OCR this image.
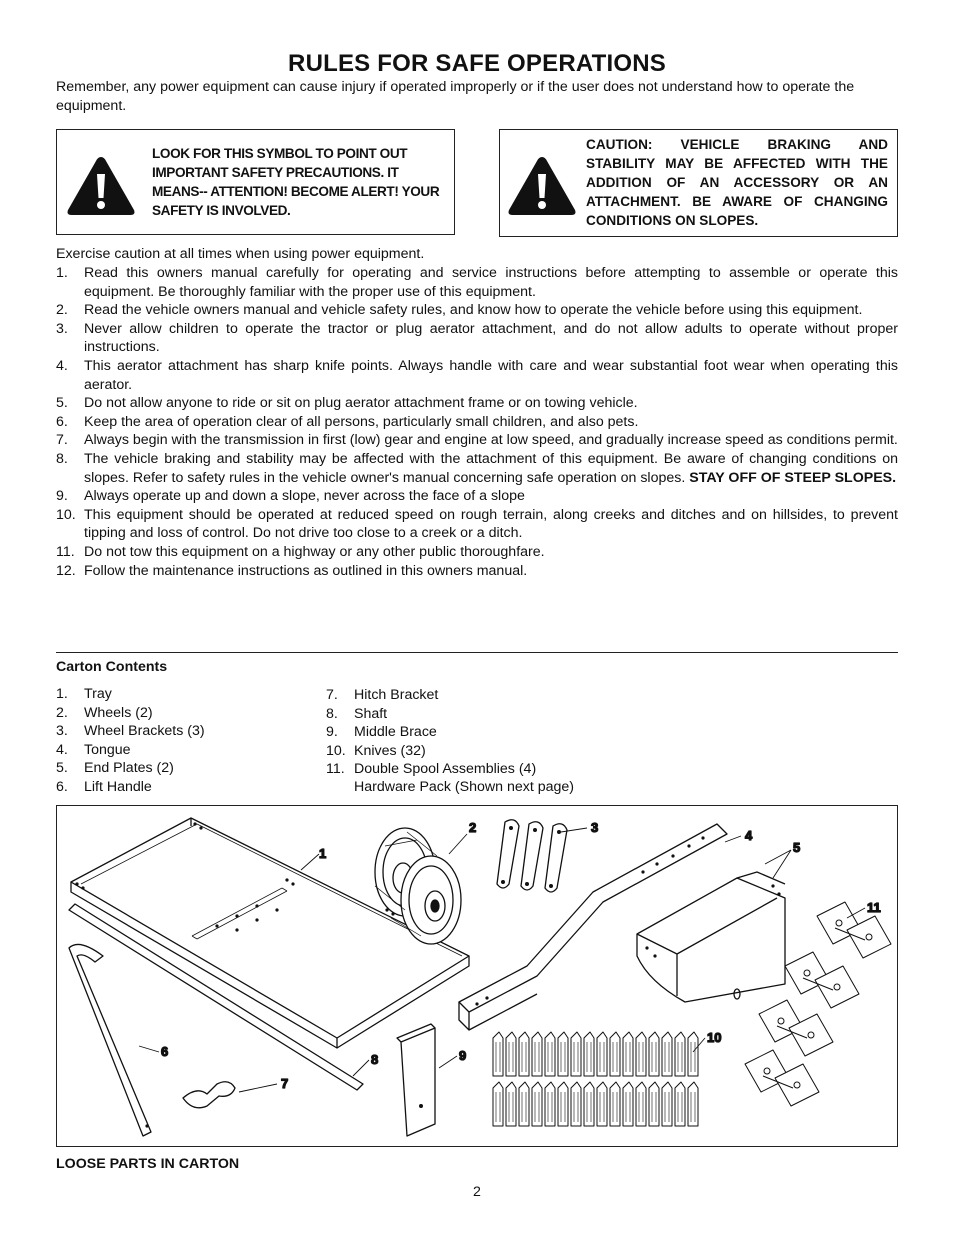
RULES FOR SAFE OPERATIONS
Remember, any power equipment can cause injury if operated improperly or if the user does not understand how to operate the equipment.
LOOK FOR THIS SYMBOL TO POINT OUT IMPORTANT SAFETY PRECAUTIONS. IT MEANS-- ATTENTION! BECOME ALERT! YOUR SAFETY IS INVOLVED.
CAUTION: VEHICLE BRAKING AND STABILITY MAY BE AFFECTED WITH THE ADDITION OF AN ACCESSORY OR AN ATTACHMENT. BE AWARE OF CHANGING CONDITIONS ON SLOPES.
Exercise caution at all times when using power equipment.
1. Read this owners manual carefully for operating and service instructions before attempting to assemble or operate this equipment. Be thoroughly familiar with the proper use of this equipment.
2. Read the vehicle owners manual and vehicle safety rules, and know how to operate the vehicle before using this equipment.
3. Never allow children to operate the tractor or plug aerator attachment, and do not allow adults to operate without proper instructions.
4. This aerator attachment has sharp knife points. Always handle with care and wear substantial foot wear when operating this aerator.
5. Do not allow anyone to ride or sit on plug aerator attachment frame or on towing vehicle.
6. Keep the area of operation clear of all persons, particularly small children, and also pets.
7. Always begin with the transmission in first (low) gear and engine at low speed, and gradually increase speed as conditions permit.
8. The vehicle braking and stability may be affected with the attachment of this equipment. Be aware of changing conditions on slopes. Refer to safety rules in the vehicle owner's manual concerning safe operation on slopes. STAY OFF OF STEEP SLOPES.
9. Always operate up and down a slope, never across the face of a slope
10. This equipment should be operated at reduced speed on rough terrain, along creeks and ditches and on hillsides, to prevent tipping and loss of control. Do not drive too close to a creek or a ditch.
11. Do not tow this equipment on a highway or any other public thoroughfare.
12. Follow the maintenance instructions as outlined in this owners manual.
Carton Contents
1. Tray
2. Wheels (2)
3. Wheel Brackets (3)
4. Tongue
5. End Plates (2)
6. Lift Handle
7. Hitch Bracket
8. Shaft
9. Middle Brace
10. Knives (32)
11. Double Spool Assemblies (4)
Hardware Pack (Shown next page)
1
2	3
4
5
6
7
8	9
10
11
LOOSE PARTS IN CARTON
2
